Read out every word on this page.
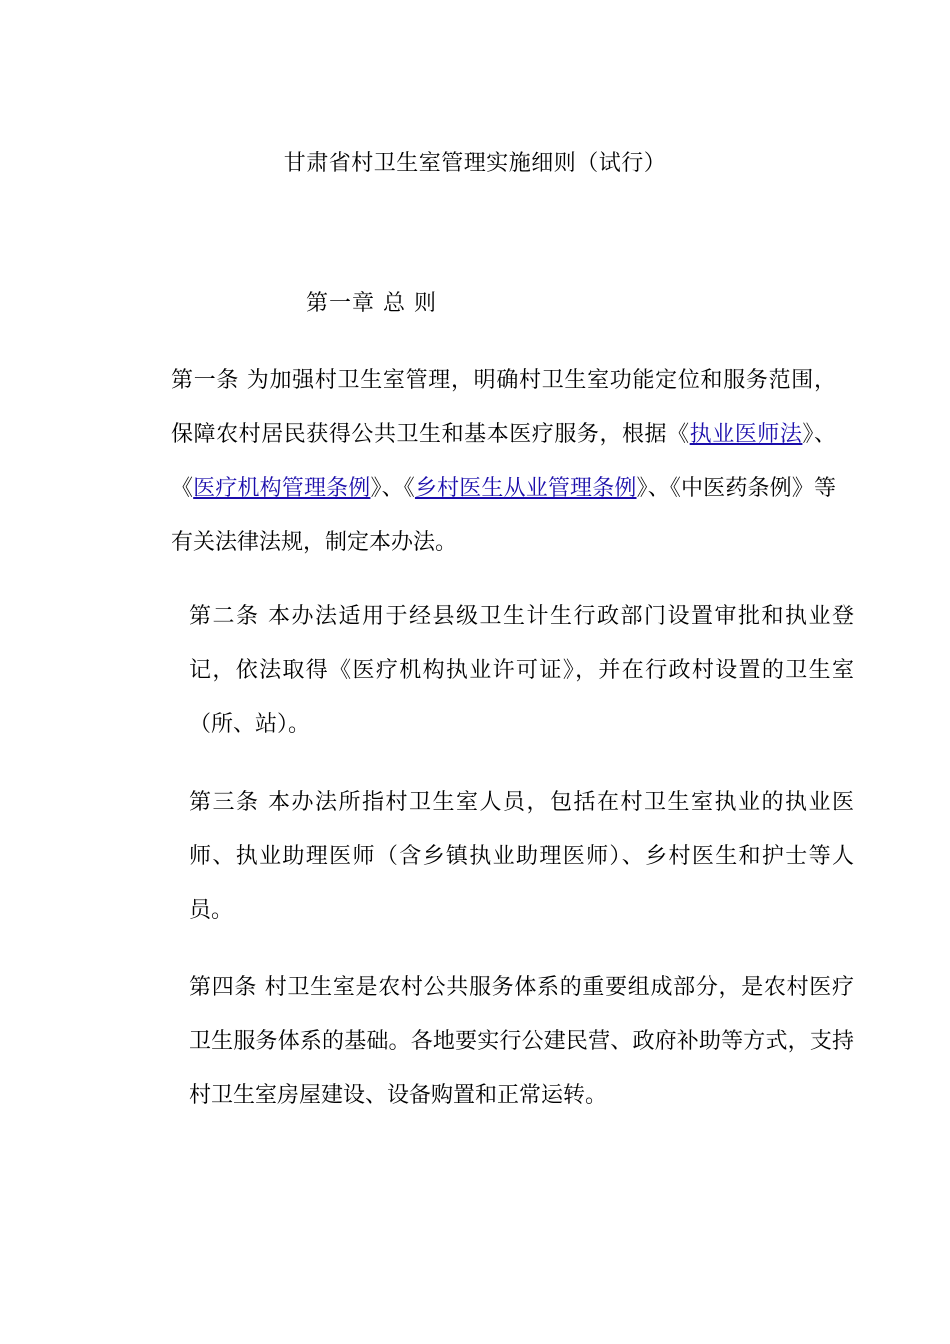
甘肃省村卫生室管理实施细则（试行）
第一章 总 则
第一条 为加强村卫生室管理，明确村卫生室功能定位和服务范围，保障农村居民获得公共卫生和基本医疗服务，根据《执业医师法》、《医疗机构管理条例》、《乡村医生从业管理条例》、《中医药条例》等有关法律法规，制定本办法。
第二条 本办法适用于经县级卫生计生行政部门设置审批和执业登记，依法取得《医疗机构执业许可证》，并在行政村设置的卫生室（所、站）。
第三条 本办法所指村卫生室人员，包括在村卫生室执业的执业医师、执业助理医师（含乡镇执业助理医师）、乡村医生和护士等人员。
第四条 村卫生室是农村公共服务体系的重要组成部分，是农村医疗卫生服务体系的基础。各地要实行公建民营、政府补助等方式，支持村卫生室房屋建设、设备购置和正常运转。
